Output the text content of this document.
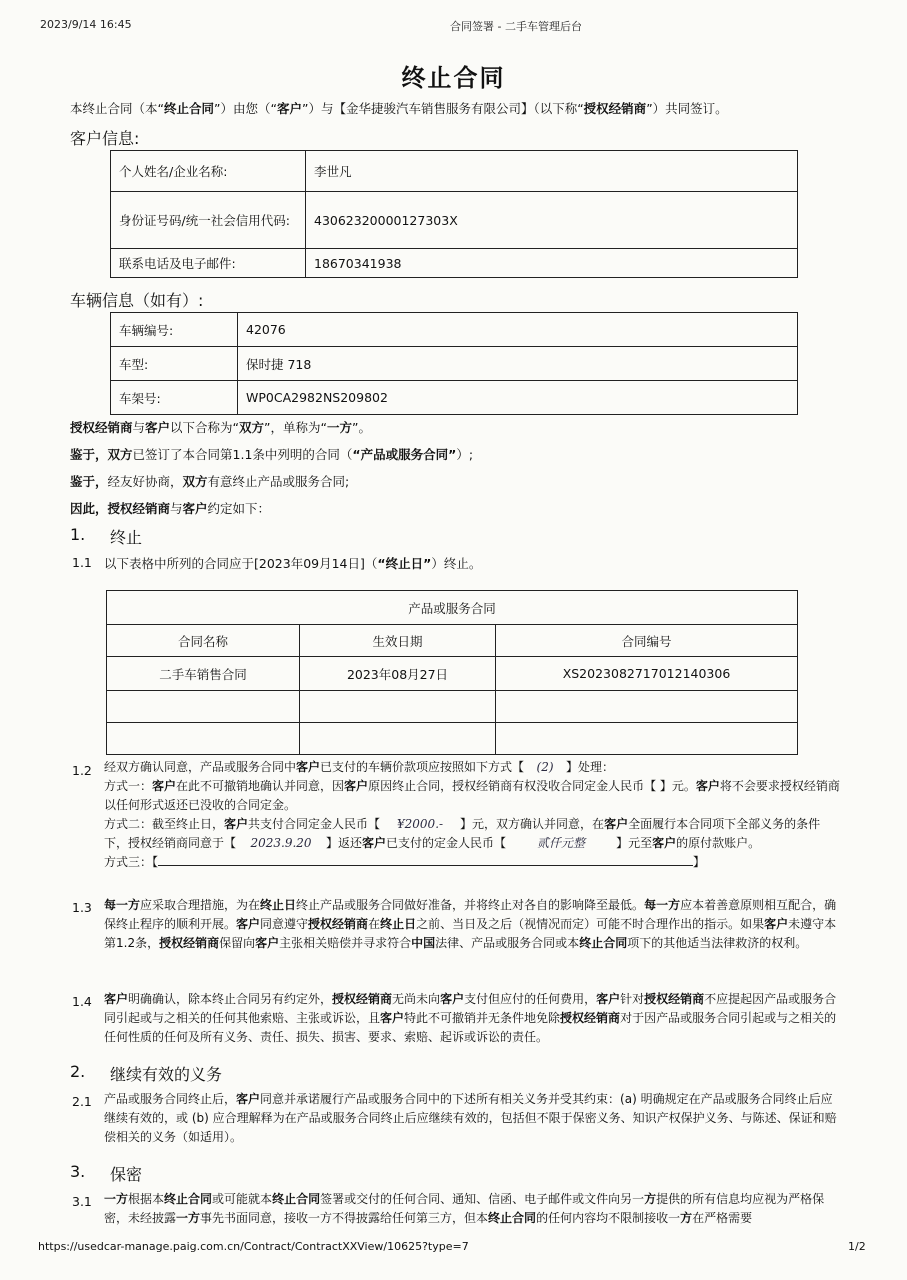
2023/9/14 16:45	合同签署 - 二手车管理后台
终止合同
本终止合同（本“终止合同”）由您（“客户”）与【金华捷骏汽车销售服务有限公司】（以下称“授权经销商”）共同签订。
客户信息:
个人姓名/企业名称:	李世凡
身份证号码/统一社会信用代码:	43062320000127303X
联系电话及电子邮件:	18670341938
车辆信息（如有）:
车辆编号:	42076
车型:	保时捷 718
车架号:	WP0CA2982NS209802
授权经销商与客户以下合称为“双方”，单称为“一方”。
鉴于，双方已签订了本合同第1.1条中列明的合同（“产品或服务合同”）;
鉴于，经友好协商，双方有意终止产品或服务合同;
因此，授权经销商与客户约定如下：
1. 终止
1.1 以下表格中所列的合同应于[2023年09月14日]（“终止日”）终止。
产品或服务合同		
合同名称	生效日期	合同编号
二手车销售合同	2023年08月27日	XS2023082717012140306

1.2 经双方确认同意，产品或服务合同中客户已支付的车辆价款项应按照如下方式【 (2) 】处理：
方式一：客户在此不可撤销地确认并同意，因客户原因终止合同，授权经销商有权没收合同定金人民币【 】元。客户将不会要求授权经销商以任何形式返还已没收的合同定金。
方式二：截至终止日，客户共支付合同定金人民币【 ¥2000.- 】元，双方确认并同意，在客户全面履行本合同项下全部义务的条件下，授权经销商同意于【 2023.9.20 】返还客户已支付的定金人民币【	贰仟元整	】元至客户的原付款账户。
方式三：【	】
1.3 每一方应采取合理措施，为在终止日终止产品或服务合同做好准备，并将终止对各自的影响降至最低。每一方应本着善意原则相互配合，确保终止程序的顺利开展。客户同意遵守授权经销商在终止日之前、当日及之后（视情况而定）可能不时合理作出的指示。如果客户未遵守本第1.2条，授权经销商保留向客户主张相关赔偿并寻求符合中国法律、产品或服务合同或本终止合同项下的其他适当法律救济的权利。
1.4 客户明确确认，除本终止合同另有约定外，授权经销商无尚未向客户支付但应付的任何费用，客户针对授权经销商不应提起因产品或服务合同引起或与之相关的任何其他索赔、主张或诉讼，且客户特此不可撤销并无条件地免除授权经销商对于因产品或服务合同引起或与之相关的任何性质的任何及所有义务、责任、损失、损害、要求、索赔、起诉或诉讼的责任。
2. 继续有效的义务
2.1 产品或服务合同终止后，客户同意并承诺履行产品或服务合同中的下述所有相关义务并受其约束：(a) 明确规定在产品或服务合同终止后应继续有效的，或 (b) 应合理解释为在产品或服务合同终止后应继续有效的，包括但不限于保密义务、知识产权保护义务、与陈述、保证和赔偿相关的义务（如适用）。
3. 保密
3.1 一方根据本终止合同或可能就本终止合同签署或交付的任何合同、通知、信函、电子邮件或文件向另一方提供的所有信息均应视为严格保密，未经披露一方事先书面同意，接收一方不得披露给任何第三方，但本终止合同的任何内容均不限制接收一方在严格需要
https://usedcar-manage.paig.com.cn/Contract/ContractXXView/10625?type=7	1/2
